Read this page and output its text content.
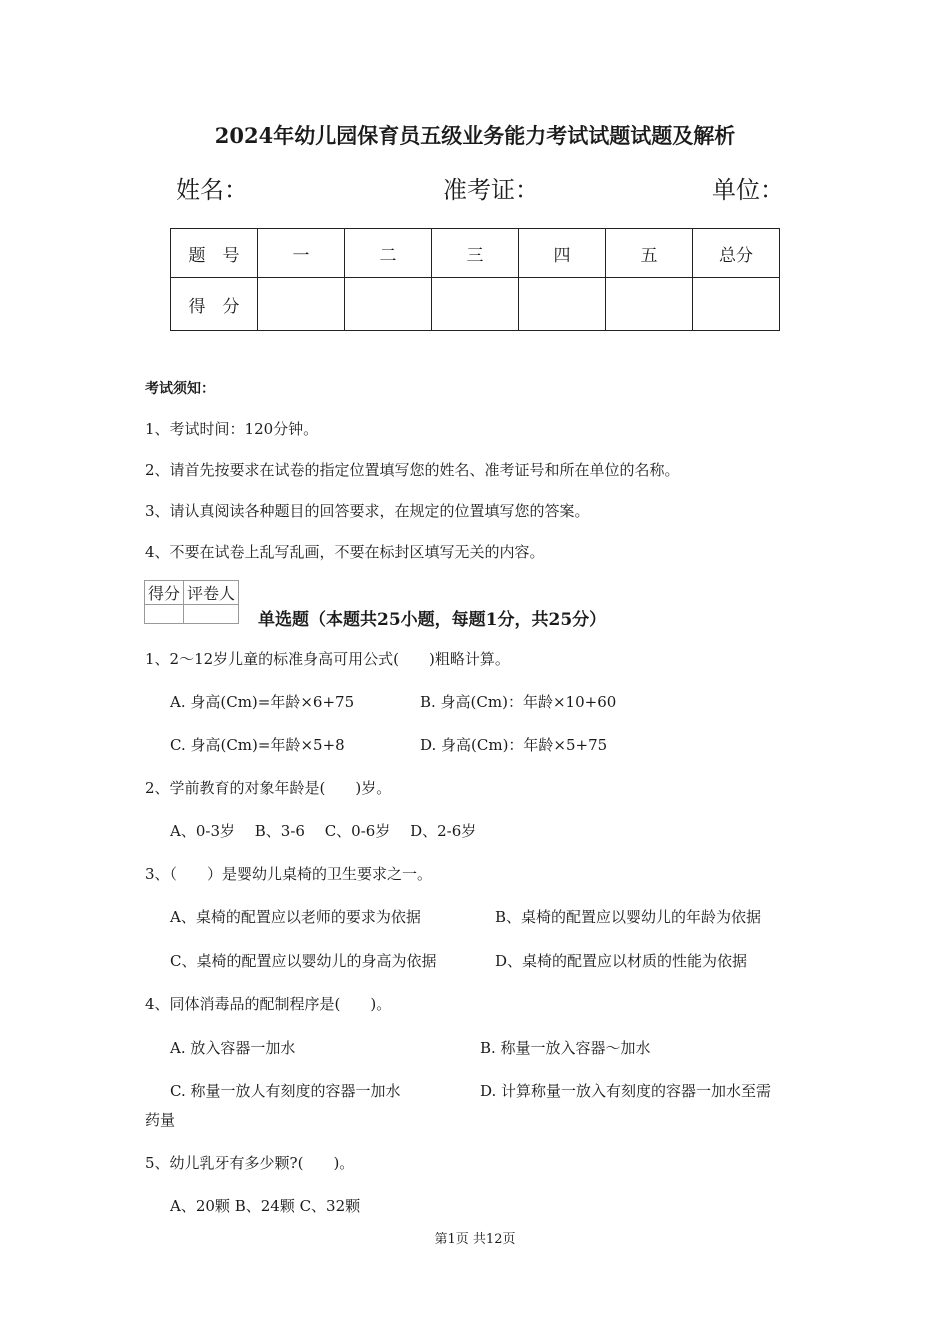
2024年幼儿园保育员五级业务能力考试试题试题及解析
姓名：	准考证：	单位：
题　号	一	二	三	四	五	总分
得　分						
考试须知：
1、考试时间：120分钟。
2、请首先按要求在试卷的指定位置填写您的姓名、准考证号和所在单位的名称。
3、请认真阅读各种题目的回答要求，在规定的位置填写您的答案。
4、不要在试卷上乱写乱画，不要在标封区填写无关的内容。
得分	评卷人

单选题（本题共25小题，每题1分，共25分）
1、2～12岁儿童的标准身高可用公式(　　)粗略计算。
A. 身高(Cm)=年龄×6+75	B. 身高(Cm)：年龄×10+60
C. 身高(Cm)=年龄×5+8	D. 身高(Cm)：年龄×5+75
2、学前教育的对象年龄是(　　)岁。
A、0-3岁　 B、3-6　 C、0-6岁　 D、2-6岁
3、（　　）是婴幼儿桌椅的卫生要求之一。
A、桌椅的配置应以老师的要求为依据	B、桌椅的配置应以婴幼儿的年龄为依据
C、桌椅的配置应以婴幼儿的身高为依据	D、桌椅的配置应以材质的性能为依据
4、同体消毒品的配制程序是(　　)。
A. 放入容器一加水	B. 称量一放入容器～加水
C. 称量一放人有刻度的容器一加水	D. 计算称量一放入有刻度的容器一加水至需
药量
5、幼儿乳牙有多少颗?(　　)。
A、20颗 B、24颗 C、32颗
第1页 共12页
